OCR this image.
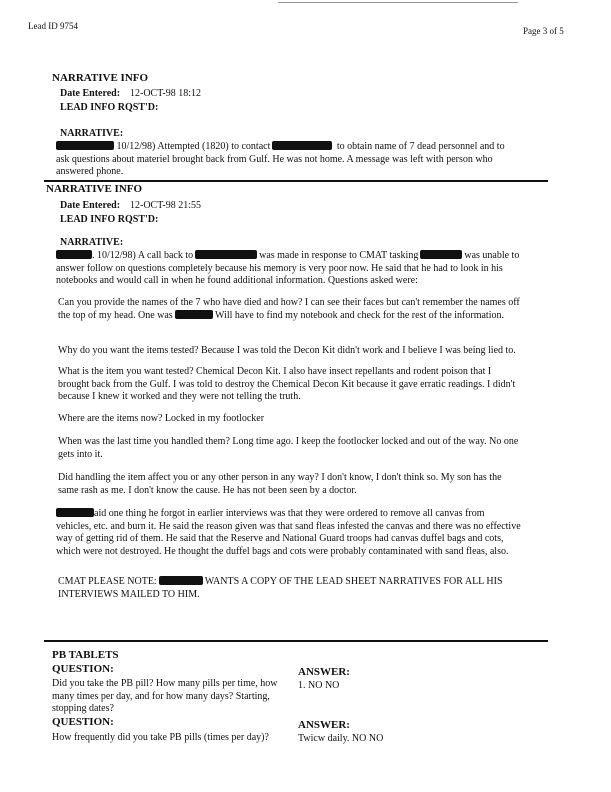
Lead ID 9754	Page 3 of 5
NARRATIVE INFO
Date Entered: 12-OCT-98 18:12
LEAD INFO RQST'D:
NARRATIVE:
10/12/98) Attempted (1820) to contact	to obtain name of 7 dead personnel and to ask questions about materiel brought back from Gulf. He was not home. A message was left with person who answered phone.
NARRATIVE INFO
Date Entered: 12-OCT-98 21:55
LEAD INFO RQST'D:
NARRATIVE:
. 10/12/98) A call back to	was made in response to CMAT tasking	was unable to answer follow on questions completely because his memory is very poor now. He said that he had to look in his notebooks and would call in when he found additional information. Questions asked were:
Can you provide the names of the 7 who have died and how? I can see their faces but can't remember the names off the top of my head. One was	Will have to find my notebook and check for the rest of the information.
Why do you want the items tested? Because I was told the Decon Kit didn't work and I believe I was being lied to.
What is the item you want tested? Chemical Decon Kit. I also have insect repellants and rodent poison that I brought back from the Gulf. I was told to destroy the Chemical Decon Kit because it gave erratic readings. I didn't because I knew it worked and they were not telling the truth.
Where are the items now? Locked in my footlocker
When was the last time you handled them? Long time ago. I keep the footlocker locked and out of the way. No one gets into it.
Did handling the item affect you or any other person in any way? I don't know, I don't think so. My son has the same rash as me. I don't know the cause. He has not been seen by a doctor.
aid one thing he forgot in earlier interviews was that they were ordered to remove all canvas from vehicles, etc. and burn it. He said the reason given was that sand fleas infested the canvas and there was no effective way of getting rid of them. He said that the Reserve and National Guard troops had canvas duffel bags and cots, which were not destroyed. He thought the duffel bags and cots were probably contaminated with sand fleas, also.
CMAT PLEASE NOTE:	WANTS A COPY OF THE LEAD SHEET NARRATIVES FOR ALL HIS INTERVIEWS MAILED TO HIM.
PB TABLETS
QUESTION:
Did you take the PB pill? How many pills per time, how many times per day, and for how many days? Starting, stopping dates?
ANSWER:
1. NO NO
QUESTION:
How frequently did you take PB pills (times per day)?
ANSWER:
Twicw daily. NO NO
